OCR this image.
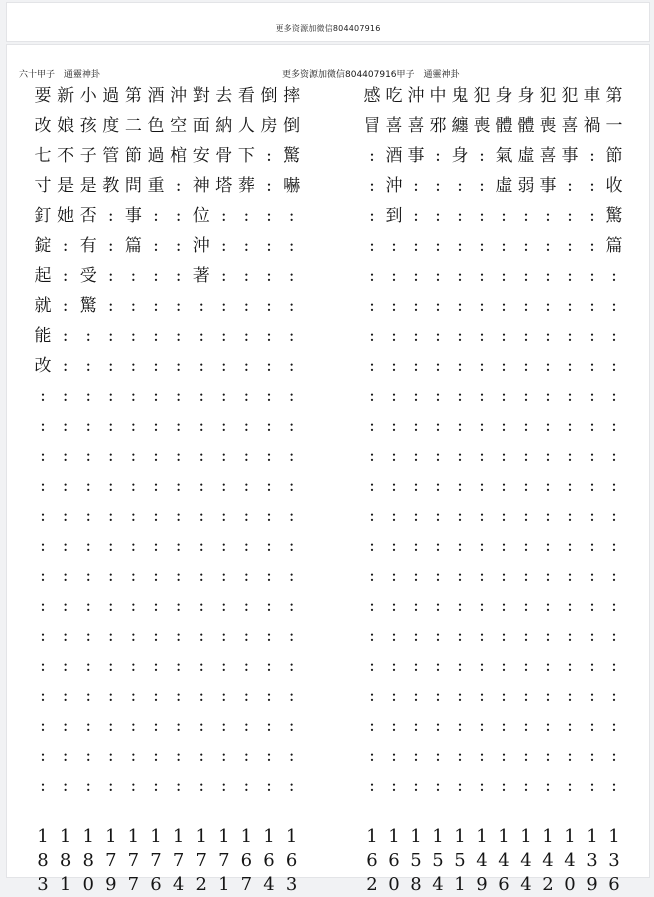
更多资源加微信804407916
六十甲子 通靈神卦	更多资源加微信804407916甲子 通靈神卦
要
改
七
寸
釘
錠
起
就
能
改
:
:
:
:
:
:
:
:
:
:
:
:
:
:
1
8
3
新
娘
不
是
她
:
:
:
:
:
:
:
:
:
:
:
:
:
:
:
:
:
:
:
1
8
1
小
孩
子
是
否
有
受
驚
:
:
:
:
:
:
:
:
:
:
:
:
:
:
:
:
1
8
0
過
度
管
教
:
:
:
:
:
:
:
:
:
:
:
:
:
:
:
:
:
:
:
:
1
7
9
第
二
節
問
事
篇
:
:
:
:
:
:
:
:
:
:
:
:
:
:
:
:
:
:
1
7
7
酒
色
過
重
:
:
:
:
:
:
:
:
:
:
:
:
:
:
:
:
:
:
:
:
1
7
6
沖
空
棺
:
:
:
:
:
:
:
:
:
:
:
:
:
:
:
:
:
:
:
:
:
1
7
4
對
面
安
神
位
沖
著
:
:
:
:
:
:
:
:
:
:
:
:
:
:
:
:
:
1
7
2
去
納
骨
塔
:
:
:
:
:
:
:
:
:
:
:
:
:
:
:
:
:
:
:
:
1
7
1
看
人
下
葬
:
:
:
:
:
:
:
:
:
:
:
:
:
:
:
:
:
:
:
:
1
6
7
倒
房
:
:
:
:
:
:
:
:
:
:
:
:
:
:
:
:
:
:
:
:
:
:
1
6
4
摔
倒
驚
嚇
:
:
:
:
:
:
:
:
:
:
:
:
:
:
:
:
:
:
:
:
1
6
3
感
冒
:
:
:
:
:
:
:
:
:
:
:
:
:
:
:
:
:
:
:
:
:
:
1
6
2
吃
喜
酒
沖
到
:
:
:
:
:
:
:
:
:
:
:
:
:
:
:
:
:
:
:
1
6
0
沖
喜
事
:
:
:
:
:
:
:
:
:
:
:
:
:
:
:
:
:
:
:
:
:
1
5
8
中
邪
:
:
:
:
:
:
:
:
:
:
:
:
:
:
:
:
:
:
:
:
:
:
1
5
4
鬼
纏
身
:
:
:
:
:
:
:
:
:
:
:
:
:
:
:
:
:
:
:
:
:
1
5
1
犯
喪
:
:
:
:
:
:
:
:
:
:
:
:
:
:
:
:
:
:
:
:
:
:
1
4
9
身
體
氣
虛
:
:
:
:
:
:
:
:
:
:
:
:
:
:
:
:
:
:
:
:
1
4
6
身
體
虛
弱
:
:
:
:
:
:
:
:
:
:
:
:
:
:
:
:
:
:
:
:
1
4
4
犯
喪
喜
事
:
:
:
:
:
:
:
:
:
:
:
:
:
:
:
:
:
:
:
:
1
4
2
犯
喜
事
:
:
:
:
:
:
:
:
:
:
:
:
:
:
:
:
:
:
:
:
:
1
4
0
車
禍
:
:
:
:
:
:
:
:
:
:
:
:
:
:
:
:
:
:
:
:
:
:
1
3
9
第
一
節
收
驚
篇
:
:
:
:
:
:
:
:
:
:
:
:
:
:
:
:
:
:
1
3
6
